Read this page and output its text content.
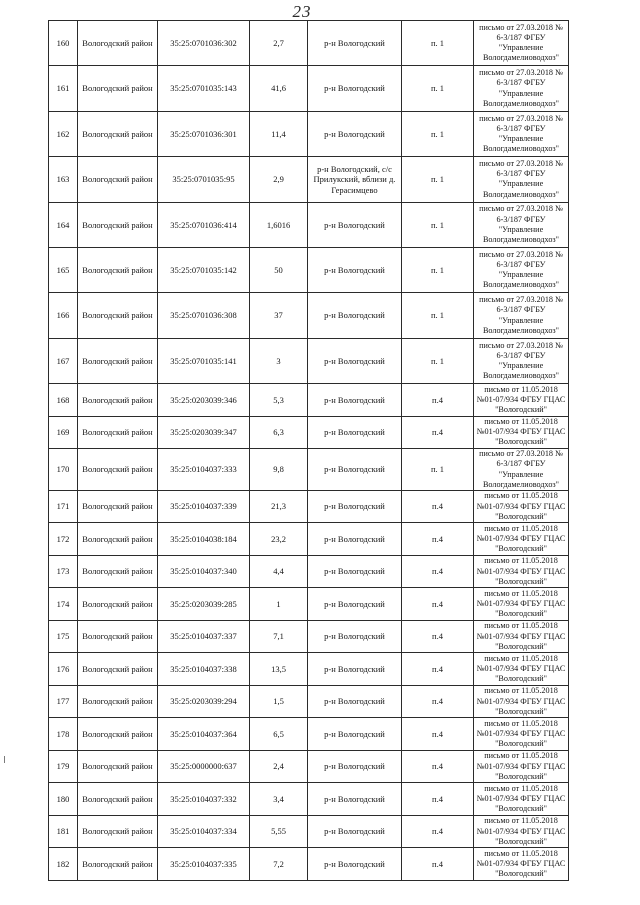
23
160	Вологодский район	35:25:0701036:302	2,7	р-н Вологодский	п. 1	письмо от 27.03.2018 № 6-3/187 ФГБУ "Управление Вологдамелиоводхоз"
161	Вологодский район	35:25:0701035:143	41,6	р-н Вологодский	п. 1	письмо от 27.03.2018 № 6-3/187 ФГБУ "Управление Вологдамелиоводхоз"
162	Вологодский район	35:25:0701036:301	11,4	р-н Вологодский	п. 1	письмо от 27.03.2018 № 6-3/187 ФГБУ "Управление Вологдамелиоводхоз"
163	Вологодский район	35:25:0701035:95	2,9	р-н Вологодский, с/с Прилукский, вблизи д. Герасимцево	п. 1	письмо от 27.03.2018 № 6-3/187 ФГБУ "Управление Вологдамелиоводхоз"
164	Вологодский район	35:25:0701036:414	1,6016	р-н Вологодский	п. 1	письмо от 27.03.2018 № 6-3/187 ФГБУ "Управление Вологдамелиоводхоз"
165	Вологодский район	35:25:0701035:142	50	р-н Вологодский	п. 1	письмо от 27.03.2018 № 6-3/187 ФГБУ "Управление Вологдамелиоводхоз"
166	Вологодский район	35:25:0701036:308	37	р-н Вологодский	п. 1	письмо от 27.03.2018 № 6-3/187 ФГБУ "Управление Вологдамелиоводхоз"
167	Вологодский район	35:25:0701035:141	3	р-н Вологодский	п. 1	письмо от 27.03.2018 № 6-3/187 ФГБУ "Управление Вологдамелиоводхоз"
168	Вологодский район	35:25:0203039:346	5,3	р-н Вологодский	п.4	письмо от 11.05.2018 №01-07/934 ФГБУ ГЦАС "Вологодский"
169	Вологодский район	35:25:0203039:347	6,3	р-н Вологодский	п.4	письмо от 11.05.2018 №01-07/934 ФГБУ ГЦАС "Вологодский"
170	Вологодский район	35:25:0104037:333	9,8	р-н Вологодский	п. 1	письмо от 27.03.2018 № 6-3/187 ФГБУ "Управление Вологдамелиоводхоз"
171	Вологодский район	35:25:0104037:339	21,3	р-н Вологодский	п.4	письмо от 11.05.2018 №01-07/934 ФГБУ ГЦАС "Вологодский"
172	Вологодский район	35:25:0104038:184	23,2	р-н Вологодский	п.4	письмо от 11.05.2018 №01-07/934 ФГБУ ГЦАС "Вологодский"
173	Вологодский район	35:25:0104037:340	4,4	р-н Вологодский	п.4	письмо от 11.05.2018 №01-07/934 ФГБУ ГЦАС "Вологодский"
174	Вологодский район	35:25:0203039:285	1	р-н Вологодский	п.4	письмо от 11.05.2018 №01-07/934 ФГБУ ГЦАС "Вологодский"
175	Вологодский район	35:25:0104037:337	7,1	р-н Вологодский	п.4	письмо от 11.05.2018 №01-07/934 ФГБУ ГЦАС "Вологодский"
176	Вологодский район	35:25:0104037:338	13,5	р-н Вологодский	п.4	письмо от 11.05.2018 №01-07/934 ФГБУ ГЦАС "Вологодский"
177	Вологодский район	35:25:0203039:294	1,5	р-н Вологодский	п.4	письмо от 11.05.2018 №01-07/934 ФГБУ ГЦАС "Вологодский"
178	Вологодский район	35:25:0104037:364	6,5	р-н Вологодский	п.4	письмо от 11.05.2018 №01-07/934 ФГБУ ГЦАС "Вологодский"
179	Вологодский район	35:25:0000000:637	2,4	р-н Вологодский	п.4	письмо от 11.05.2018 №01-07/934 ФГБУ ГЦАС "Вологодский"
180	Вологодский район	35:25:0104037:332	3,4	р-н Вологодский	п.4	письмо от 11.05.2018 №01-07/934 ФГБУ ГЦАС "Вологодский"
181	Вологодский район	35:25:0104037:334	5,55	р-н Вологодский	п.4	письмо от 11.05.2018 №01-07/934 ФГБУ ГЦАС "Вологодский"
182	Вологодский район	35:25:0104037:335	7,2	р-н Вологодский	п.4	письмо от 11.05.2018 №01-07/934 ФГБУ ГЦАС "Вологодский"
